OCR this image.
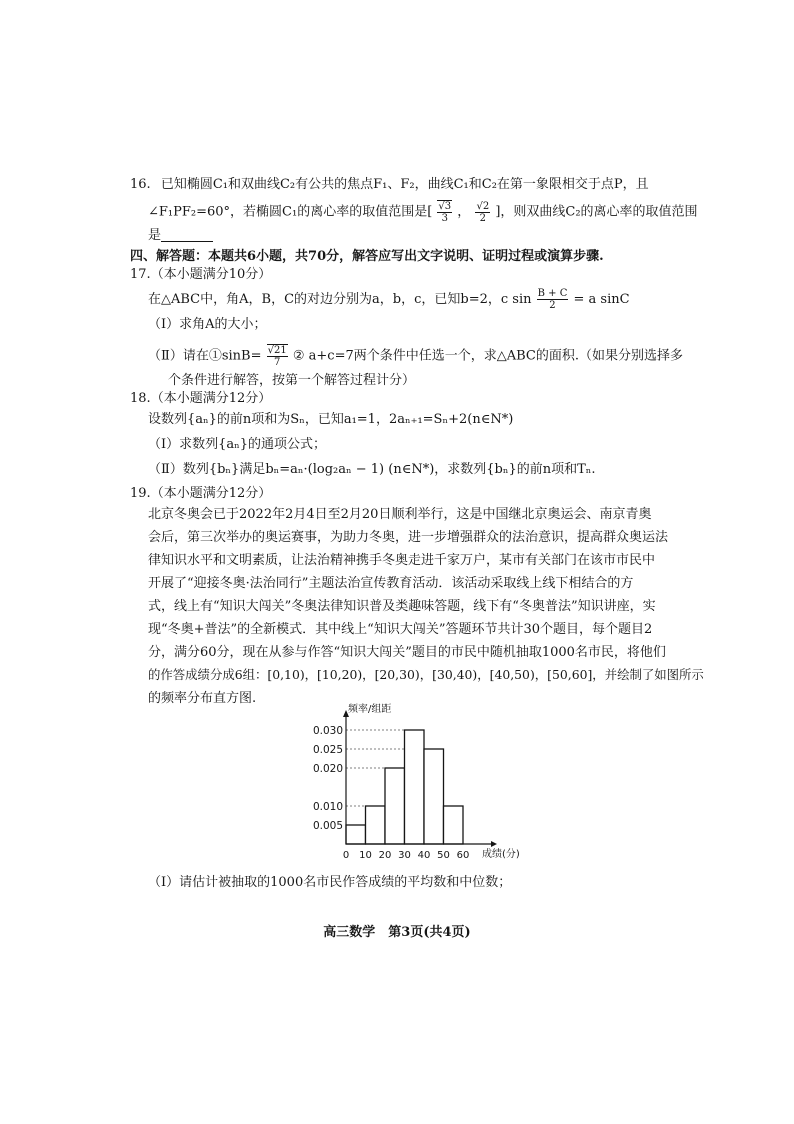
16. 已知椭圆C₁和双曲线C₂有公共的焦点F₁、F₂，曲线C₁和C₂在第一象限相交于点P，且
∠F₁PF₂=60°，若椭圆C₁的离心率的取值范围是[ $\frac{√3}{3}$ ， $\frac{√2}{2}$ ]，则双曲线C₂的离心率的取值范围
是
四、解答题：本题共6小题，共70分，解答应写出文字说明、证明过程或演算步骤.
17.（本小题满分10分）
在△ABC中，角A，B，C的对边分别为a，b，c，已知b=2，c $\sin \frac{B + C}{2} = a$ sinC
（Ⅰ）求角A的大小；
（Ⅱ）请在①sinB= $\frac{√21}{7}$ ② a+c=7两个条件中任选一个，求△ABC的面积.（如果分别选择多
个条件进行解答，按第一个解答过程计分）
18.（本小题满分12分）
设数列{aₙ}的前n项和为Sₙ，已知a₁=1，2aₙ₊₁=Sₙ+2(n∈N*)
（Ⅰ）求数列{aₙ}的通项公式；
（Ⅱ）数列{bₙ}满足bₙ=aₙ·(log₂aₙ − 1) (n∈N*)，求数列{bₙ}的前n项和Tₙ.
19.（本小题满分12分）
北京冬奥会已于2022年2月4日至2月20日顺利举行，这是中国继北京奥运会、南京青奥
会后，第三次举办的奥运赛事，为助力冬奥，进一步增强群众的法治意识，提高群众奥运法
律知识水平和文明素质，让法治精神携手冬奥走进千家万户，某市有关部门在该市市民中
开展了“迎接冬奥·法治同行”主题法治宣传教育活动．该活动采取线上线下相结合的方
式，线上有“知识大闯关”冬奥法律知识普及类趣味答题，线下有“冬奥普法”知识讲座，实
现“冬奥+普法”的全新模式．其中线上“知识大闯关”答题环节共计30个题目，每个题目2
分，满分60分，现在从参与作答“知识大闯关”题目的市民中随机抽取1000名市民，将他们
的作答成绩分成6组：[0,10)，[10,20)，[20,30)，[30,40)，[40,50)，[50,60]，并绘制了如图所示
的频率分布直方图.
0.005
0.010
0.020
0.025
0.030
0 10 20 30 40 50 60
频率/组距
成绩(分)
（Ⅰ）请估计被抽取的1000名市民作答成绩的平均数和中位数；
高三数学　第3页(共4页)
